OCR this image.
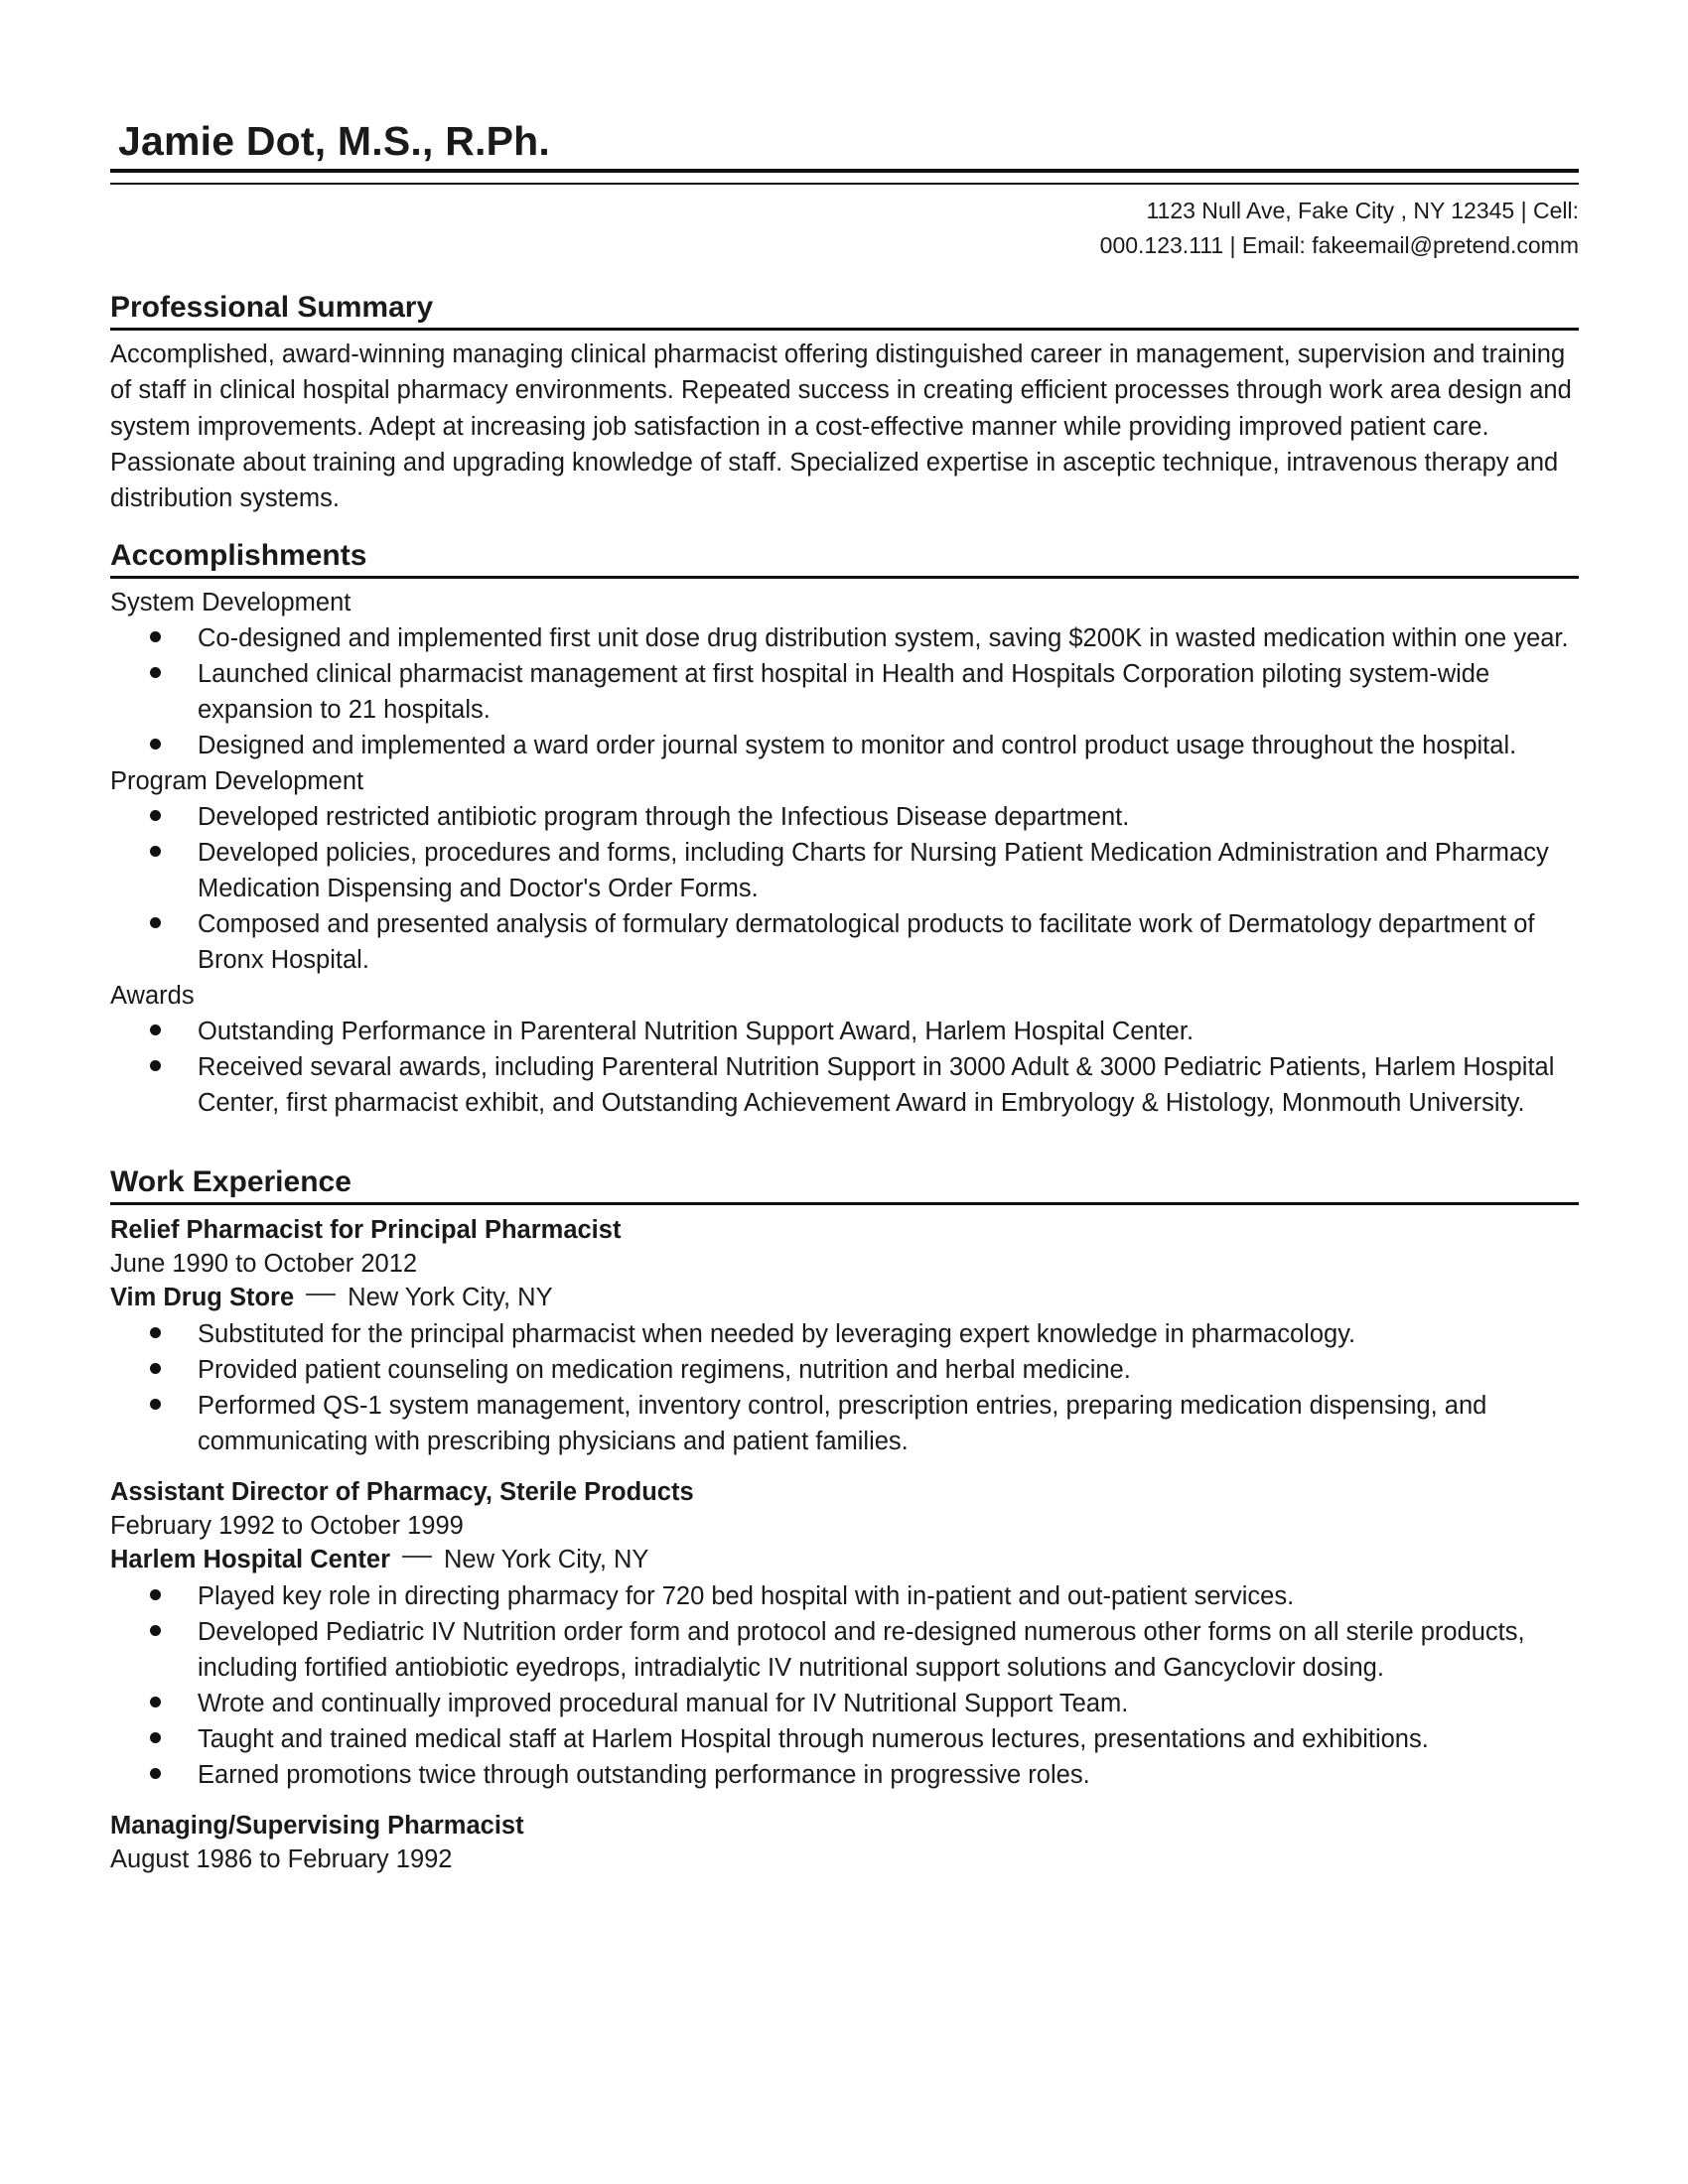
Jamie Dot, M.S., R.Ph.
1123 Null Ave, Fake City , NY 12345 | Cell:
000.123.111 | Email: fakeemail@pretend.comm
Professional Summary
Accomplished, award-winning managing clinical pharmacist offering distinguished career in management, supervision and training of staff in clinical hospital pharmacy environments. Repeated success in creating efficient processes through work area design and system improvements. Adept at increasing job satisfaction in a cost-effective manner while providing improved patient care. Passionate about training and upgrading knowledge of staff. Specialized expertise in asceptic technique, intravenous therapy and distribution systems.
Accomplishments
System Development
Co-designed and implemented first unit dose drug distribution system, saving $200K in wasted medication within one year.
Launched clinical pharmacist management at first hospital in Health and Hospitals Corporation piloting system-wide expansion to 21 hospitals.
Designed and implemented a ward order journal system to monitor and control product usage throughout the hospital.
Program Development
Developed restricted antibiotic program through the Infectious Disease department.
Developed policies, procedures and forms, including Charts for Nursing Patient Medication Administration and Pharmacy Medication Dispensing and Doctor's Order Forms.
Composed and presented analysis of formulary dermatological products to facilitate work of Dermatology department of Bronx Hospital.
Awards
Outstanding Performance in Parenteral Nutrition Support Award, Harlem Hospital Center.
Received sevaral awards, including Parenteral Nutrition Support in 3000 Adult & 3000 Pediatric Patients, Harlem Hospital Center, first pharmacist exhibit, and Outstanding Achievement Award in Embryology & Histology, Monmouth University.
Work Experience
Relief Pharmacist for Principal Pharmacist
June 1990 to October 2012
Vim Drug Store New York City, NY
Substituted for the principal pharmacist when needed by leveraging expert knowledge in pharmacology.
Provided patient counseling on medication regimens, nutrition and herbal medicine.
Performed QS-1 system management, inventory control, prescription entries, preparing medication dispensing, and communicating with prescribing physicians and patient families.
Assistant Director of Pharmacy, Sterile Products
February 1992 to October 1999
Harlem Hospital Center New York City, NY
Played key role in directing pharmacy for 720 bed hospital with in-patient and out-patient services.
Developed Pediatric IV Nutrition order form and protocol and re-designed numerous other forms on all sterile products, including fortified antiobiotic eyedrops, intradialytic IV nutritional support solutions and Gancyclovir dosing.
Wrote and continually improved procedural manual for IV Nutritional Support Team.
Taught and trained medical staff at Harlem Hospital through numerous lectures, presentations and exhibitions.
Earned promotions twice through outstanding performance in progressive roles.
Managing/Supervising Pharmacist
August 1986 to February 1992
